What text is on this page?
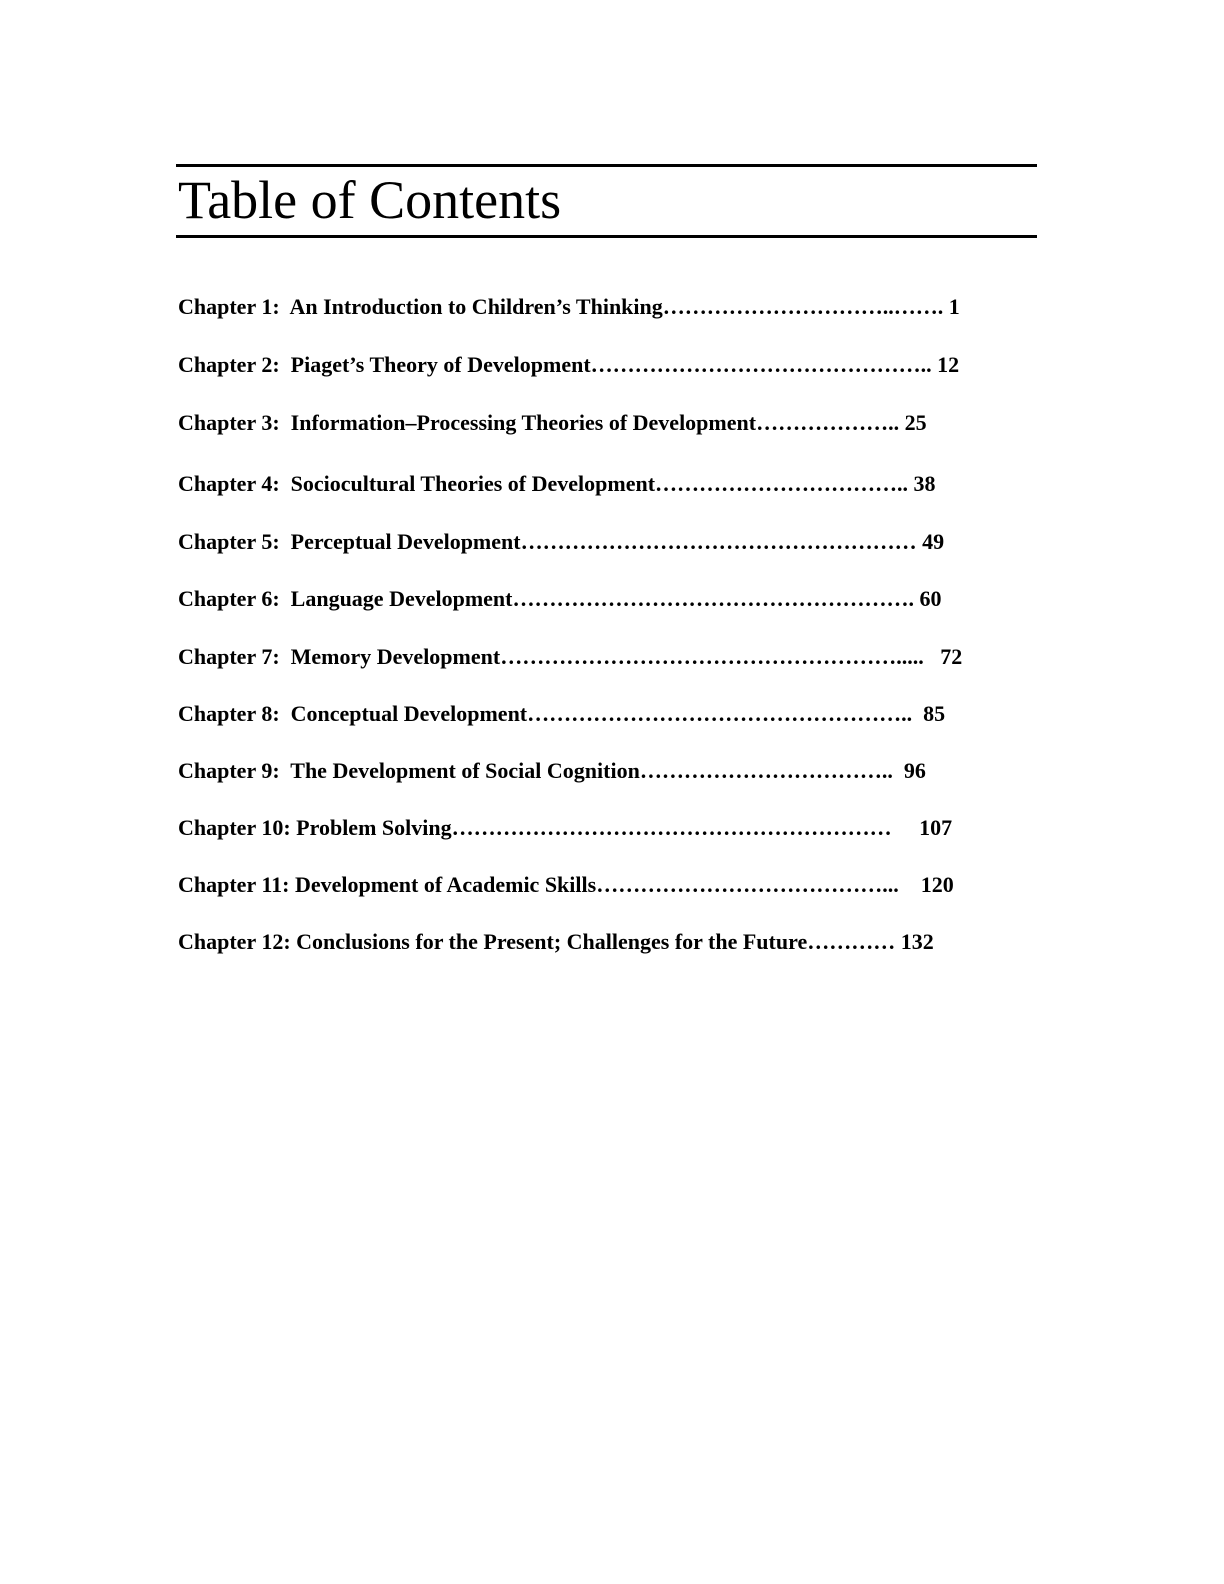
Table of Contents
Chapter 1: An Introduction to Children’s Thinking…………………………..……. 1
Chapter 2: Piaget’s Theory of Development……………………………………….. 12
Chapter 3: Information–Processing Theories of Development……………….. 25
Chapter 4: Sociocultural Theories of Development…………………………….. 38
Chapter 5: Perceptual Development……………………………………………… 49
Chapter 6: Language Development………………………………………………. 60
Chapter 7: Memory Development……………………………………………….....   72
Chapter 8: Conceptual Development……………………………………………..  85
Chapter 9: The Development of Social Cognition……………………………..  96
Chapter 10: Problem Solving……………………………………………………     107
Chapter 11: Development of Academic Skills…………………………………...    120
Chapter 12: Conclusions for the Present; Challenges for the Future………… 132
